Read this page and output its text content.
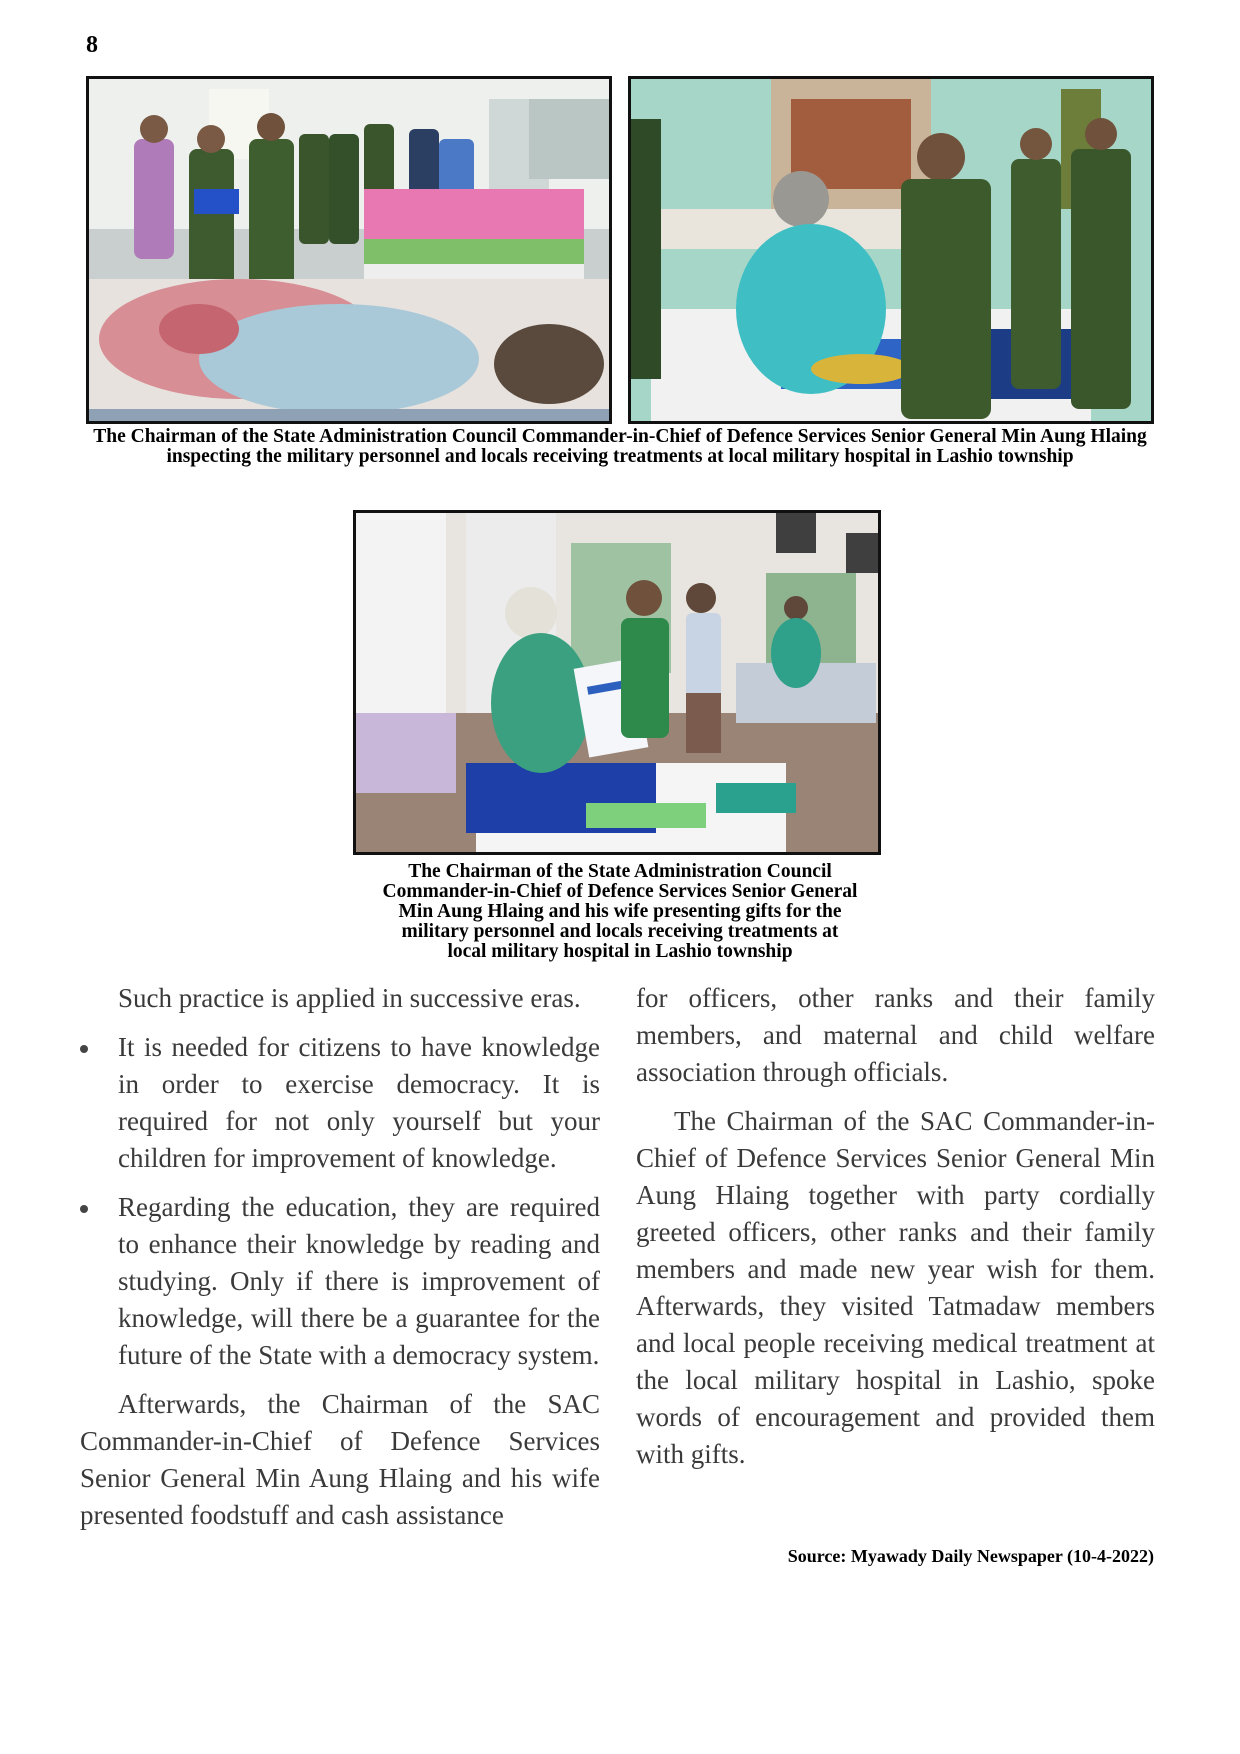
8
The Chairman of the State Administration Council Commander-in-Chief of Defence Services Senior General Min Aung Hlaing inspecting the military personnel and locals receiving treatments at local military hospital in Lashio township
The Chairman of the State Administration Council
Commander-in-Chief of Defence Services Senior General
Min Aung Hlaing and his wife presenting gifts for the
military personnel and locals receiving treatments at
local military hospital in Lashio township

Such practice is applied in successive eras.

It is needed for citizens to have knowledge in order to exercise democracy. It is required for not only yourself but your children for improvement of knowledge.
Regarding the education, they are required to enhance their knowledge by reading and studying. Only if there is improvement of knowledge, will there be a guarantee for the future of the State with a democracy system.

Afterwards, the Chairman of the SAC Commander-in-Chief of Defence Services Senior General Min Aung Hlaing and his wife presented foodstuff and cash assistance

for officers, other ranks and their family members, and maternal and child welfare association through officials.

The Chairman of the SAC Commander-in-Chief of Defence Services Senior General Min Aung Hlaing together with party cordially greeted officers, other ranks and their family members and made new year wish for them. Afterwards, they visited Tatmadaw members and local people receiving medical treatment at the local military hospital in Lashio, spoke words of encouragement and provided them with gifts.

Source: Myawady Daily Newspaper (10-4-2022)
